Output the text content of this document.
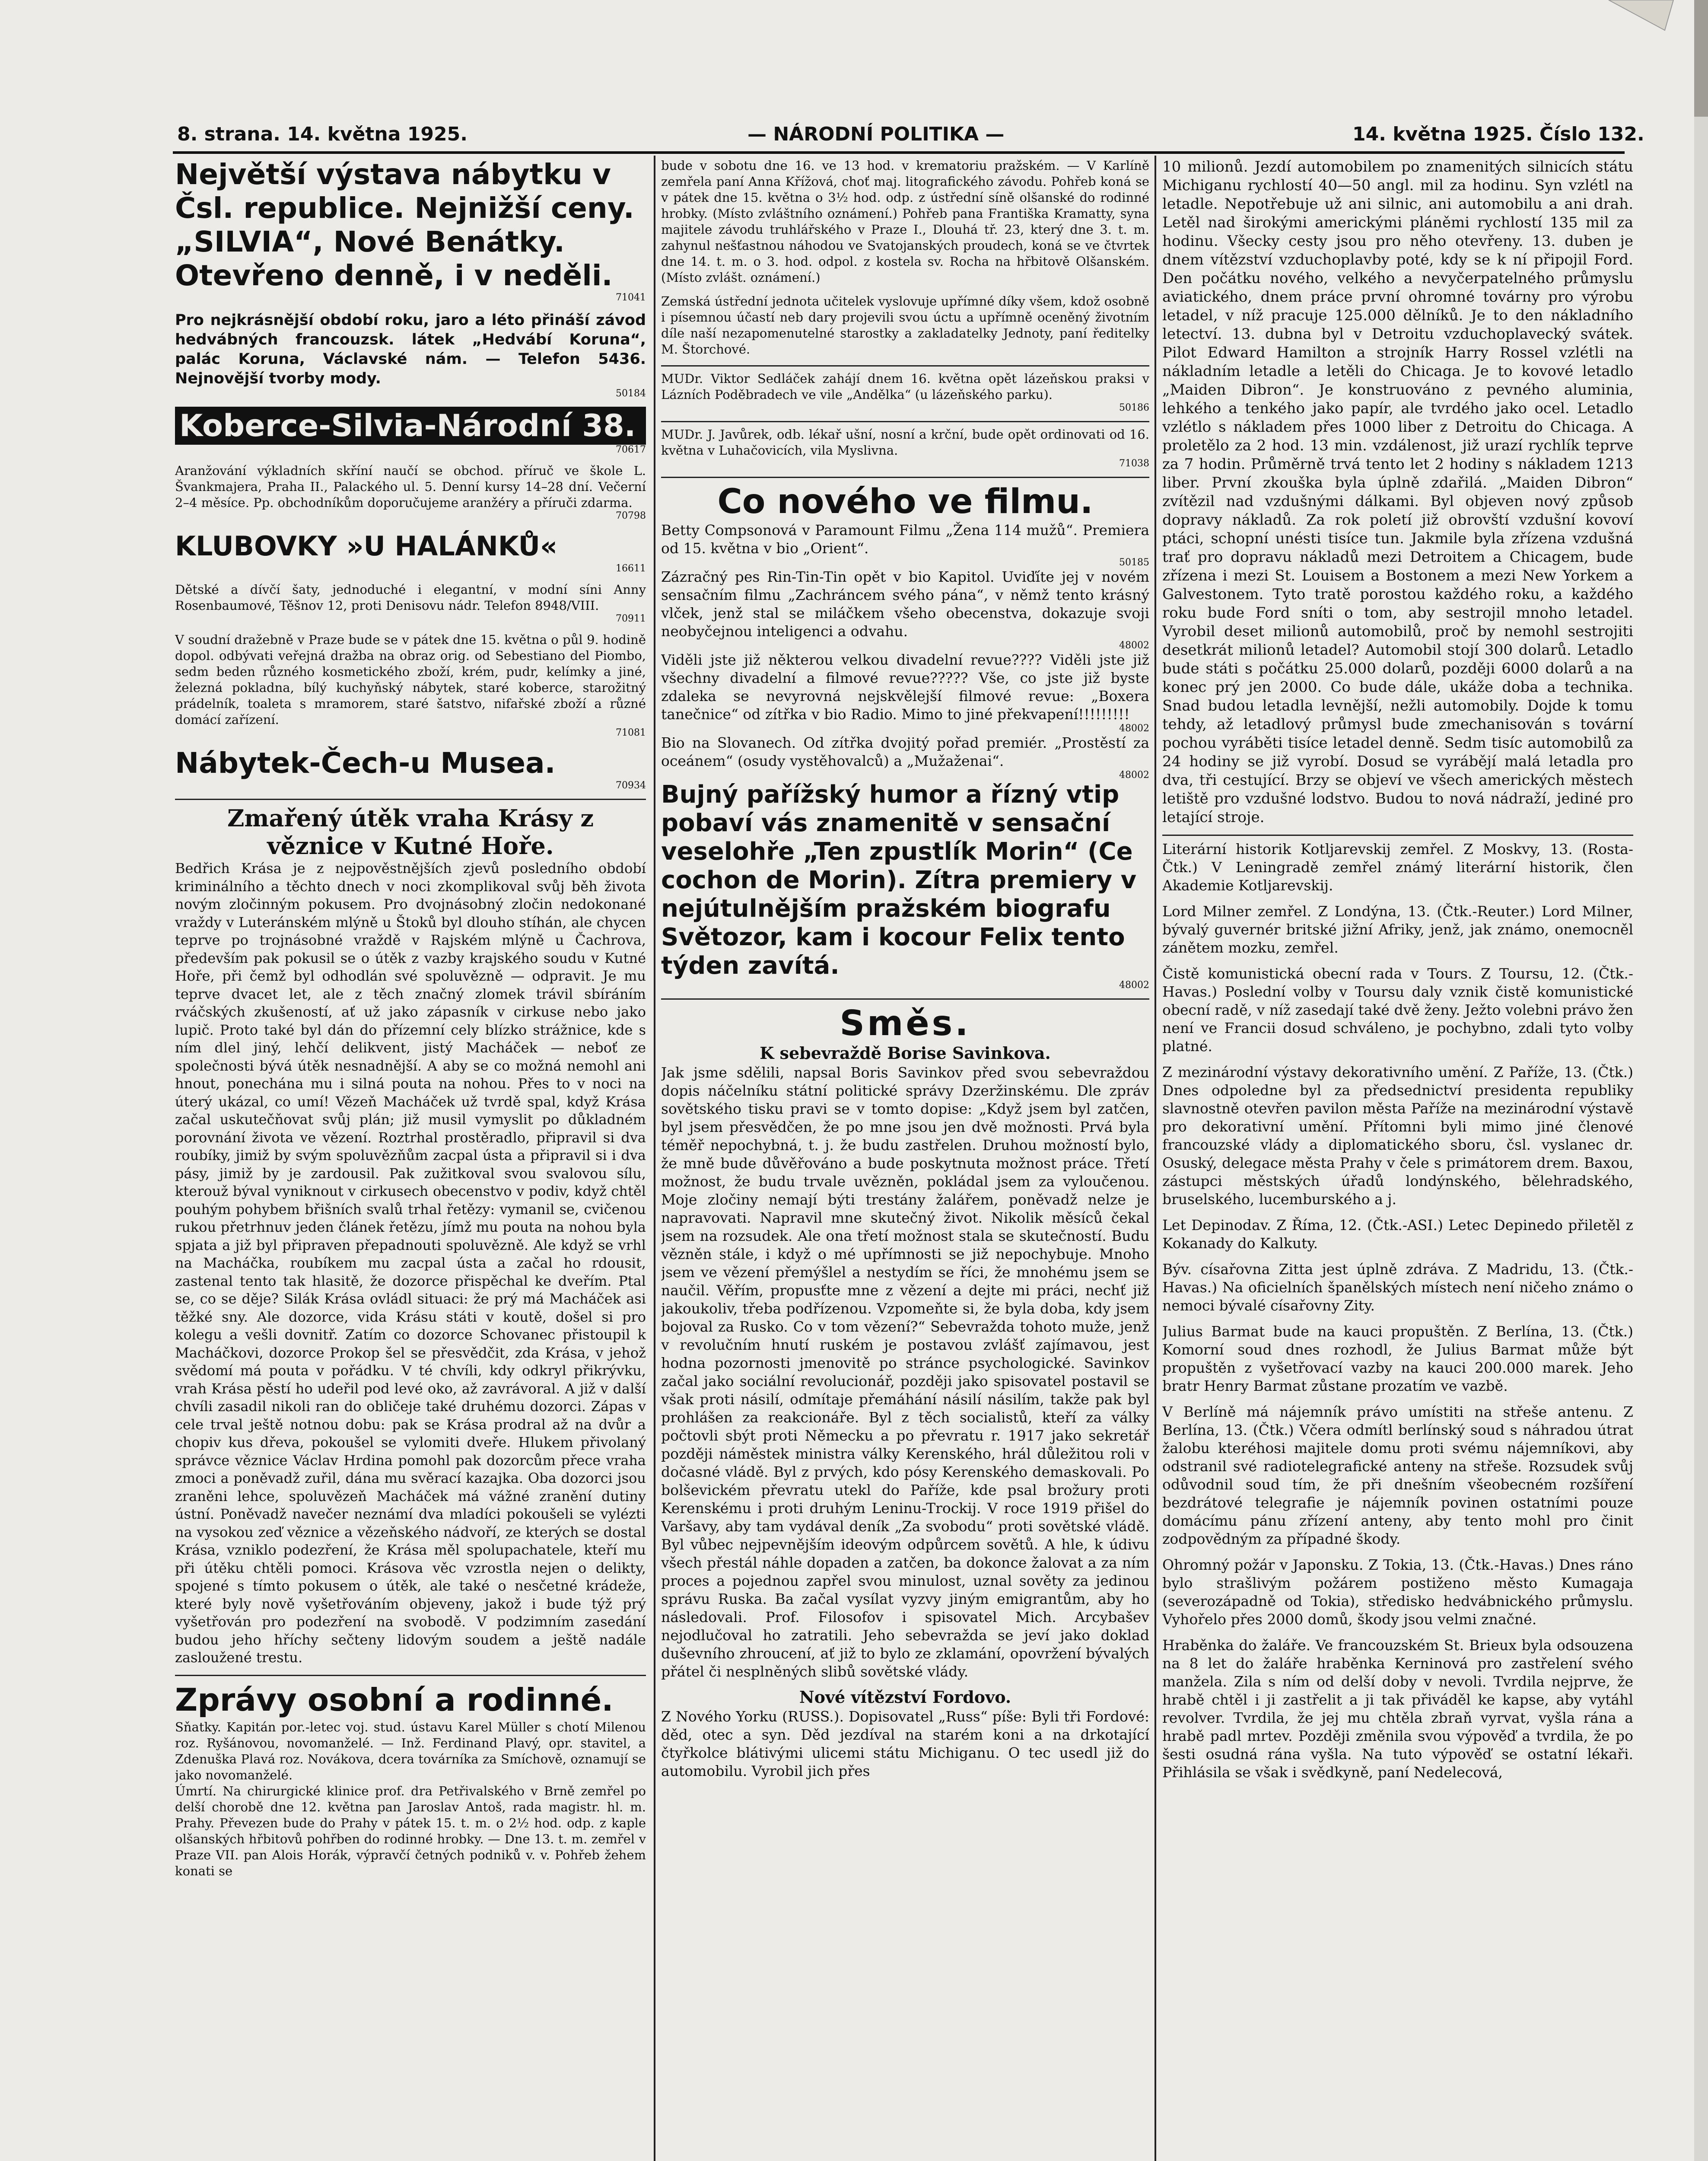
8. strana. 14. května 1925.	— NÁRODNÍ POLITIKA —	14. května 1925. Číslo 132.
Největší výstava nábytku v Čsl. republice. Nejnižší ceny. „SILVIA“, Nové Benátky. Otevřeno denně, i v neděli.
71041
Pro nejkrásnější období roku, jaro a léto přináší závod hedvábných francouzsk. látek „Hedvábí Koruna“, palác Koruna, Václavské nám. — Telefon 5436. Nejnovější tvorby mody.
50184
Koberce-Silvia-Národní 38.
70617
Aranžování výkladních skříní naučí se obchod. příruč ve škole L. Švankmajera, Praha II., Palackého ul. 5. Denní kursy 14–28 dní. Večerní 2–4 měsíce. Pp. obchodníkům doporučujeme aranžéry a příruči zdarma.
70798
KLUBOVKY »U HALÁNKŮ«
16611
Dětské a dívčí šaty, jednoduché i elegantní, v modní síni Anny Rosenbaumové, Těšnov 12, proti Denisovu nádr. Telefon 8948/VIII.
70911
V soudní dražebně v Praze bude se v pátek dne 15. května o půl 9. hodině dopol. odbývati veřejná dražba na obraz orig. od Sebestiano del Piombo, sedm beden různého kosmetického zboží, krém, pudr, kelímky a jiné, železná pokladna, bílý kuchyňský nábytek, staré koberce, starožitný prádelník, toaleta s mramorem, staré šatstvo, nifařské zboží a různé domácí zařízení.
71081
Nábytek-Čech-u Musea.
70934
Zmařený útěk vraha Krásy z věznice v Kutné Hoře.
Bedřich Krása je z nejpověstnějších zjevů posledního období kriminálního a těchto dnech v noci zkomplikoval svůj běh života novým zločinným pokusem. Pro dvojnásobný zločin nedokonané vraždy v Luteránském mlýně u Štoků byl dlouho stíhán, ale chycen teprve po trojnásobné vraždě v Rajském mlýně u Čachrova, především pak pokusil se o útěk z vazby krajského soudu v Kutné Hoře, při čemž byl odhodlán své spoluvězně — odpravit. Je mu teprve dvacet let, ale z těch značný zlomek trávil sbíráním rváčských zkušeností, ať už jako zápasník v cirkuse nebo jako lupič. Proto také byl dán do přízemní cely blízko strážnice, kde s ním dlel jiný, lehčí delikvent, jistý Macháček — neboť ze společnosti bývá útěk nesnadnější. A aby se co možná nemohl ani hnout, ponechána mu i silná pouta na nohou. Přes to v noci na úterý ukázal, co umí! Vězeň Macháček už tvrdě spal, když Krása začal uskutečňovat svůj plán; již musil vymyslit po důkladném porovnání života ve vězení. Roztrhal prostěradlo, připravil si dva roubíky, jimiž by svým spoluvězňům zacpal ústa a připravil si i dva pásy, jimiž by je zardousil. Pak zužitkoval svou svalovou sílu, kterouž býval vyniknout v cirkusech obecenstvo v podiv, když chtěl pouhým pohybem břišních svalů trhal řetězy: vymanil se, cvičenou rukou přetrhnuv jeden článek řetězu, jímž mu pouta na nohou byla spjata a již byl připraven přepadnouti spoluvězně. Ale když se vrhl na Macháčka, roubíkem mu zacpal ústa a začal ho rdousit, zastenal tento tak hlasitě, že dozorce přispěchal ke dveřím. Ptal se, co se děje? Silák Krása ovládl situaci: že prý má Macháček asi těžké sny. Ale dozorce, vida Krásu státi v koutě, došel si pro kolegu a vešli dovnitř. Zatím co dozorce Schovanec přistoupil k Macháčkovi, dozorce Prokop šel se přesvědčit, zda Krása, v jehož svědomí má pouta v pořádku. V té chvíli, kdy odkryl přikrývku, vrah Krása pěstí ho udeřil pod levé oko, až zavrávoral. A již v další chvíli zasadil nikoli ran do obličeje také druhému dozorci. Zápas v cele trval ještě notnou dobu: pak se Krása prodral až na dvůr a chopiv kus dřeva, pokoušel se vylomiti dveře. Hlukem přivolaný správce věznice Václav Hrdina pomohl pak dozorcům přece vraha zmoci a poněvadž zuřil, dána mu svěrací kazajka. Oba dozorci jsou zraněni lehce, spoluvězeň Macháček má vážné zranění dutiny ústní. Poněvadž navečer neznámí dva mladíci pokoušeli se vylézti na vysokou zeď věznice a vězeňského nádvoří, ze kterých se dostal Krása, vzniklo podezření, že Krása měl spolupachatele, kteří mu při útěku chtěli pomoci. Krásova věc vzrostla nejen o delikty, spojené s tímto pokusem o útěk, ale také o nesčetné krádeže, které byly nově vyšetřováním objeveny, jakož i bude týž prý vyšetřován pro podezření na svobodě. V podzimním zasedání budou jeho hříchy sečteny lidovým soudem a ještě nadále zasloužené trestu.
Zprávy osobní a rodinné.
Sňatky. Kapitán por.-letec voj. stud. ústavu Karel Müller s chotí Milenou roz. Ryšánovou, novomanželé. — Inž. Ferdinand Plavý, opr. stavitel, a Zdenuška Plavá roz. Novákova, dcera továrníka za Smíchově, oznamují se jako novomanželé.
Úmrtí. Na chirurgické klinice prof. dra Petřivalského v Brně zemřel po delší chorobě dne 12. května pan Jaroslav Antoš, rada magistr. hl. m. Prahy. Převezen bude do Prahy v pátek 15. t. m. o 2½ hod. odp. z kaple olšanských hřbitovů pohřben do rodinné hrobky. — Dne 13. t. m. zemřel v Praze VII. pan Alois Horák, výpravčí četných podniků v. v. Pohřeb žehem konati se
bude v sobotu dne 16. ve 13 hod. v krematoriu pražském. — V Karlíně zemřela paní Anna Křížová, choť maj. litografického závodu. Pohřeb koná se v pátek dne 15. května o 3½ hod. odp. z ústřední síně olšanské do rodinné hrobky. (Místo zvláštního oznámení.) Pohřeb pana Františka Kramatty, syna majitele závodu truhlářského v Praze I., Dlouhá tř. 23, který dne 3. t. m. zahynul nešťastnou náhodou ve Svatojanských proudech, koná se ve čtvrtek dne 14. t. m. o 3. hod. odpol. z kostela sv. Rocha na hřbitově Olšanském. (Místo zvlášt. oznámení.)
Zemská ústřední jednota učitelek vyslovuje upřímné díky všem, kdož osobně i písemnou účastí neb dary projevili svou úctu a upřímně oceněný životním díle naší nezapomenutelné starostky a zakladatelky Jednoty, paní ředitelky M. Štorchové.
MUDr. Viktor Sedláček zahájí dnem 16. května opět lázeňskou praksi v Lázních Poděbradech ve vile „Andělka“ (u lázeňského parku).
50186
MUDr. J. Javůrek, odb. lékař ušní, nosní a krční, bude opět ordinovati od 16. května v Luhačovicích, vila Myslivna.
71038
Co nového ve filmu.
Betty Compsonová v Paramount Filmu „Žena 114 mužů“. Premiera od 15. května v bio „Orient“.
50185
Zázračný pes Rin-Tin-Tin opět v bio Kapitol. Uviďíte jej v novém sensačním filmu „Zachráncem svého pána“, v němž tento krásný vlček, jenž stal se miláčkem všeho obecenstva, dokazuje svoji neobyčejnou inteligenci a odvahu.
48002
Viděli jste již některou velkou divadelní revue???? Viděli jste již všechny divadelní a filmové revue????? Vše, co jste již byste zdaleka se nevyrovná nejskvělejší filmové revue: „Boxera tanečnice“ od zítřka v bio Radio. Mimo to jiné překvapení!!!!!!!!!
48002
Bio na Slovanech. Od zítřka dvojitý pořad premiér. „Prostěstí za oceánem“ (osudy vystěhovalců) a „Mužaženai“.
48002
Bujný pařížský humor a řízný vtip pobaví vás znamenitě v sensační veselohře „Ten zpustlík Morin“ (Ce cochon de Morin). Zítra premiery v nejútulnějším pražském biografu Světozor, kam i kocour Felix tento týden zavítá.
48002
Směs.
K sebevraždě Borise Savinkova.
Jak jsme sdělili, napsal Boris Savinkov před svou sebevraždou dopis náčelníku státní politické správy Dzeržinskému. Dle zpráv sovětského tisku pravi se v tomto dopise: „Když jsem byl zatčen, byl jsem přesvědčen, že po mne jsou jen dvě možnosti. Prvá byla téměř nepochybná, t. j. že budu zastřelen. Druhou možností bylo, že mně bude důvěřováno a bude poskytnuta možnost práce. Třetí možnost, že budu trvale uvězněn, pokládal jsem za vyloučenou. Moje zločiny nemají býti trestány žalářem, poněvadž nelze je napravovati. Napravil mne skutečný život. Nikolik měsíců čekal jsem na rozsudek. Ale ona třetí možnost stala se skutečností. Budu vězněn stále, i když o mé upřímnosti se již nepochybuje. Mnoho jsem ve vězení přemýšlel a nestydím se říci, že mnohému jsem se naučil. Věřím, propusťte mne z vězení a dejte mi práci, nechť již jakoukoliv, třeba podřízenou. Vzpomeňte si, že byla doba, kdy jsem bojoval za Rusko. Co v tom vězení?“ Sebevražda tohoto muže, jenž v revolučním hnutí ruském je postavou zvlášť zajímavou, jest hodna pozornosti jmenovitě po stránce psychologické. Savinkov začal jako sociální revolucionář, později jako spisovatel postavil se však proti násilí, odmítaje přemáhání násilí násilím, takže pak byl prohlášen za reakcionáře. Byl z těch socialistů, kteří za války počtovli sbýt proti Německu a po převratu r. 1917 jako sekretář později náměstek ministra války Kerenského, hrál důležitou roli v dočasné vládě. Byl z prvých, kdo pósy Kerenského demaskovali. Po bolševickém převratu utekl do Paříže, kde psal brožury proti Kerenskému i proti druhým Leninu-Trockij. V roce 1919 přišel do Varšavy, aby tam vydával deník „Za svobodu“ proti sovětské vládě. Byl vůbec nejpevnějším ideovým odpůrcem sovětů. A hle, k údivu všech přestál náhle dopaden a zatčen, ba dokonce žalovat a za ním proces a pojednou zapřel svou minulost, uznal sověty za jedinou správu Ruska. Ba začal vysílat vyzvy jiným emigrantům, aby ho následovali. Prof. Filosofov i spisovatel Mich. Arcybašev nejodlučoval ho zatratili. Jeho sebevražda se jeví jako doklad duševního zhroucení, ať již to bylo ze zklamání, opovržení bývalých přátel či nesplněných slibů sovětské vlády.
Nové vítězství Fordovo.
Z Nového Yorku (RUSS.). Dopisovatel „Russ“ píše: Byli tři Fordové: děd, otec a syn. Děd jezdíval na starém koni a na drkotající čtyřkolce blátivými ulicemi státu Michiganu. O tec usedl již do automobilu. Vyrobil jich přes
10 milionů. Jezdí automobilem po znamenitých silnicích státu Michiganu rychlostí 40—50 angl. mil za hodinu. Syn vzlétl na letadle. Nepotřebuje už ani silnic, ani automobilu a ani drah. Letěl nad širokými americkými pláněmi rychlostí 135 mil za hodinu. Všecky cesty jsou pro něho otevřeny. 13. duben je dnem vítězství vzduchoplavby poté, kdy se k ní připojil Ford. Den počátku nového, velkého a nevyčerpatelného průmyslu aviatického, dnem práce první ohromné továrny pro výrobu letadel, v níž pracuje 125.000 dělníků. Je to den nákladního letectví. 13. dubna byl v Detroitu vzduchoplavecký svátek. Pilot Edward Hamilton a strojník Harry Rossel vzlétli na nákladním letadle a letěli do Chicaga. Je to kovové letadlo „Maiden Dibron“. Je konstruováno z pevného aluminia, lehkého a tenkého jako papír, ale tvrdého jako ocel. Letadlo vzlétlo s nákladem přes 1000 liber z Detroitu do Chicaga. A proletělo za 2 hod. 13 min. vzdálenost, již urazí rychlík teprve za 7 hodin. Průměrně trvá tento let 2 hodiny s nákladem 1213 liber. První zkouška byla úplně zdařilá. „Maiden Dibron“ zvítězil nad vzdušnými dálkami. Byl objeven nový způsob dopravy nákladů. Za rok poletí již obrovští vzdušní kovoví ptáci, schopní unésti tisíce tun. Jakmile byla zřízena vzdušná trať pro dopravu nákladů mezi Detroitem a Chicagem, bude zřízena i mezi St. Louisem a Bostonem a mezi New Yorkem a Galvestonem. Tyto tratě porostou každého roku, a každého roku bude Ford sníti o tom, aby sestrojil mnoho letadel. Vyrobil deset milionů automobilů, proč by nemohl sestrojiti desetkrát milionů letadel? Automobil stojí 300 dolarů. Letadlo bude státi s počátku 25.000 dolarů, později 6000 dolarů a na konec prý jen 2000. Co bude dále, ukáže doba a technika. Snad budou letadla levnější, nežli automobily. Dojde k tomu tehdy, až letadlový průmysl bude zmechanisován s tovární pochou vyráběti tisíce letadel denně. Sedm tisíc automobilů za 24 hodiny se již vyrobí. Dosud se vyrábějí malá letadla pro dva, tři cestující. Brzy se objeví ve všech amerických městech letiště pro vzdušné lodstvo. Budou to nová nádraží, jediné pro letající stroje.
Literární historik Kotljarevskij zemřel. Z Moskvy, 13. (Rosta-Čtk.) V Leningradě zemřel známý literární historik, člen Akademie Kotljarevskij.
Lord Milner zemřel. Z Londýna, 13. (Čtk.-Reuter.) Lord Milner, bývalý guvernér britské jižní Afriky, jenž, jak známo, onemocněl zánětem mozku, zemřel.
Čistě komunistická obecní rada v Tours. Z Toursu, 12. (Čtk.-Havas.) Poslední volby v Toursu daly vznik čistě komunistické obecní radě, v níž zasedají také dvě ženy. Ježto volebni právo žen není ve Francii dosud schváleno, je pochybno, zdali tyto volby platné.
Z mezinárodní výstavy dekorativního umění. Z Paříže, 13. (Čtk.) Dnes odpoledne byl za předsednictví presidenta republiky slavnostně otevřen pavilon města Paříže na mezinárodní výstavě pro dekorativní umění. Přítomni byli mimo jiné členové francouzské vlády a diplomatického sboru, čsl. vyslanec dr. Osuský, delegace města Prahy v čele s primátorem drem. Baxou, zástupci městských úřadů londýnského, bělehradského, bruselského, lucemburského a j.
Let Depinodav. Z Říma, 12. (Čtk.-ASI.) Letec Depinedo přiletěl z Kokanady do Kalkuty.
Býv. císařovna Zitta jest úplně zdráva. Z Madridu, 13. (Čtk.-Havas.) Na oficielních španělských místech není ničeho známo o nemoci bývalé císařovny Zity.
Julius Barmat bude na kauci propuštěn. Z Berlína, 13. (Čtk.) Komorní soud dnes rozhodl, že Julius Barmat může být propuštěn z vyšetřovací vazby na kauci 200.000 marek. Jeho bratr Henry Barmat zůstane prozatím ve vazbě.
V Berlíně má nájemník právo umístiti na střeše antenu. Z Berlína, 13. (Čtk.) Včera odmítl berlínský soud s náhradou útrat žalobu kteréhosi majitele domu proti svému nájemníkovi, aby odstranil své radiotelegrafické anteny na střeše. Rozsudek svůj odůvodnil soud tím, že při dnešním všeobecném rozšíření bezdrátové telegrafie je nájemník povinen ostatními pouze domácímu pánu zřízení anteny, aby tento mohl pro činit zodpovědným za případné škody.
Ohromný požár v Japonsku. Z Tokia, 13. (Čtk.-Havas.) Dnes ráno bylo strašlivým požárem postiženo město Kumagaja (severozápadně od Tokia), středisko hedvábnického průmyslu. Vyhořelo přes 2000 domů, škody jsou velmi značné.
Hraběnka do žaláře. Ve francouzském St. Brieux byla odsouzena na 8 let do žaláře hraběnka Kerninová pro zastřelení svého manžela. Zila s ním od delší doby v nevoli. Tvrdila nejprve, že hrabě chtěl i ji zastřelit a ji tak přiváděl ke kapse, aby vytáhl revolver. Tvrdila, že jej mu chtěla zbraň vyrvat, vyšla rána a hrabě padl mrtev. Později změnila svou výpověď a tvrdila, že po šesti osudná rána vyšla. Na tuto výpověď se ostatní lékaři. Přihlásila se však i svědkyně, paní Nedelecová,
